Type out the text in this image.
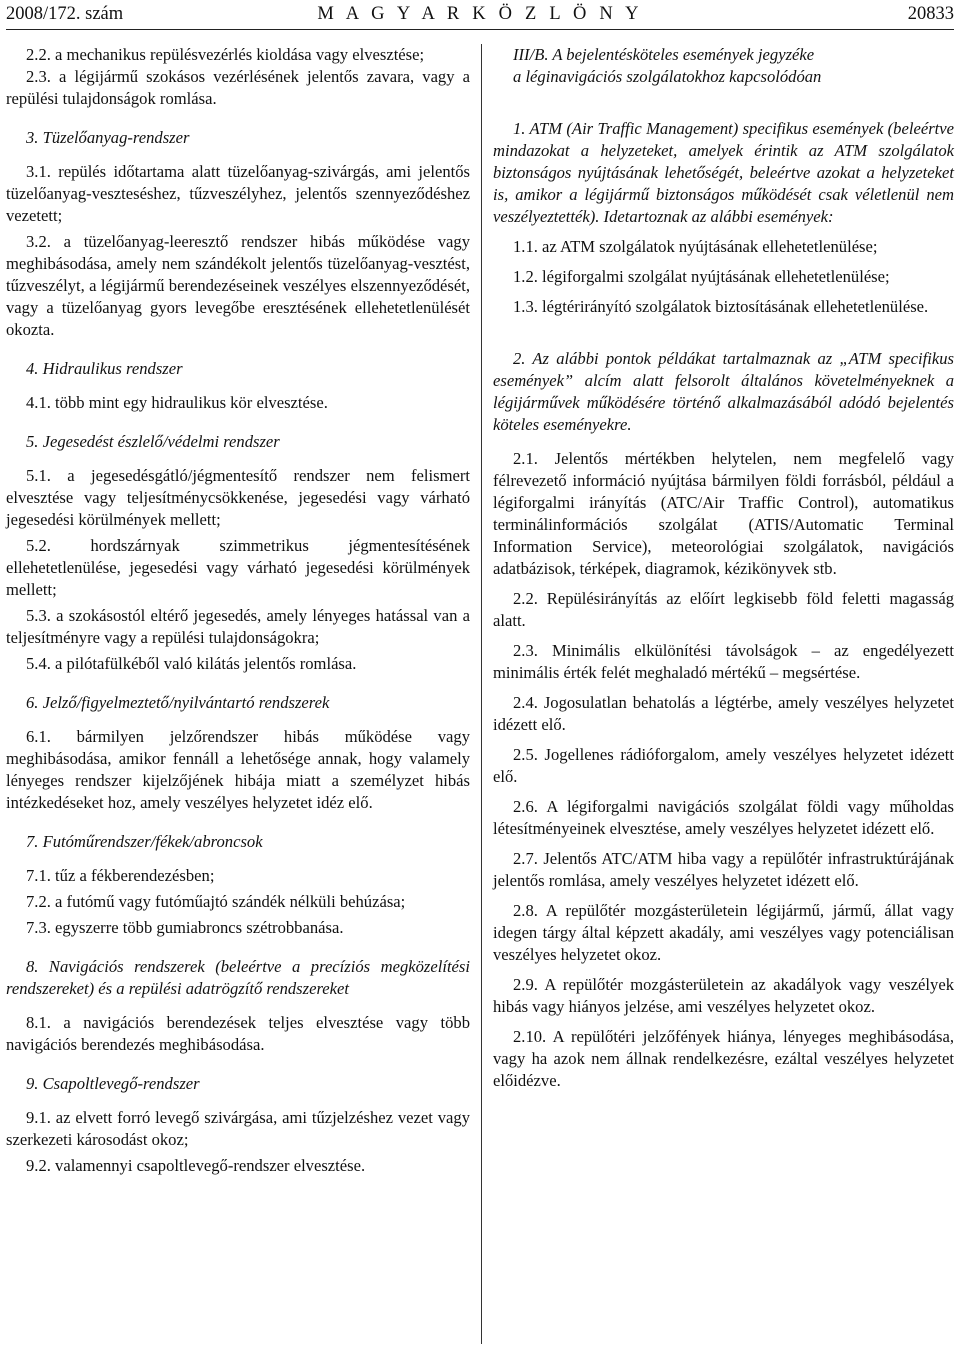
2008/172. szám	M A G Y A R K Ö Z L Ö N Y	20833

2.2. a mechanikus repülésvezérlés kioldása vagy elvesztése;

2.3. a légijármű szokásos vezérlésének jelentős zavara, vagy a repülési tulajdonságok romlása.

3. Tüzelőanyag-rendszer

3.1. repülés időtartama alatt tüzelőanyag-szivárgás, ami jelentős tüzelőanyag-veszteséshez, tűzveszélyhez, jelentős szennyeződéshez vezetett;

3.2. a tüzelőanyag-leeresztő rendszer hibás működése vagy meghibásodása, amely nem szándékolt jelentős tüzelőanyag-vesztést, tűzveszélyt, a légijármű berendezéseinek veszélyes elszennyeződését, vagy a tüzelőanyag gyors levegőbe eresztésének ellehetetlenülését okozta.

4. Hidraulikus rendszer

4.1. több mint egy hidraulikus kör elvesztése.

5. Jegesedést észlelő/védelmi rendszer

5.1. a jegesedésgátló/jégmentesítő rendszer nem felismert elvesztése vagy teljesítménycsökkenése, jegesedési vagy várható jegesedési körülmények mellett;

5.2. hordszárnyak szimmetrikus jégmentesítésének ellehetetlenülése, jegesedési vagy várható jegesedési körülmények mellett;

5.3. a szokásostól eltérő jegesedés, amely lényeges hatással van a teljesítményre vagy a repülési tulajdonságokra;

5.4. a pilótafülkéből való kilátás jelentős romlása.

6. Jelző/figyelmeztető/nyilvántartó rendszerek

6.1. bármilyen jelzőrendszer hibás működése vagy meghibásodása, amikor fennáll a lehetősége annak, hogy valamely lényeges rendszer kijelzőjének hibája miatt a személyzet hibás intézkedéseket hoz, amely veszélyes helyzetet idéz elő.

7. Futóműrendszer/fékek/abroncsok

7.1. tűz a fékberendezésben;

7.2. a futómű vagy futóműajtó szándék nélküli behúzása;

7.3. egyszerre több gumiabroncs szétrobbanása.

8. Navigációs rendszerek (beleértve a precíziós megközelítési rendszereket) és a repülési adatrögzítő rendszereket

8.1. a navigációs berendezések teljes elvesztése vagy több navigációs berendezés meghibásodása.

9. Csapoltlevegő-rendszer

9.1. az elvett forró levegő szivárgása, ami tűzjelzéshez vezet vagy szerkezeti károsodást okoz;

9.2. valamennyi csapoltlevegő-rendszer elvesztése.

III/B. A bejelentésköteles események jegyzéke

a léginavigációs szolgálatokhoz kapcsolódóan

1. ATM (Air Traffic Management) specifikus események (beleértve mindazokat a helyzeteket, amelyek érintik az ATM szolgálatok biztonságos nyújtásának lehetőségét, beleértve azokat a helyzeteket is, amikor a légijármű biztonságos működését csak véletlenül nem veszélyeztették). Idetartoznak az alábbi események:

1.1. az ATM szolgálatok nyújtásának ellehetetlenülése;

1.2. légiforgalmi szolgálat nyújtásának ellehetetlenülése;

1.3. légtérirányító szolgálatok biztosításának ellehetetlenülése.

2. Az alábbi pontok példákat tartalmaznak az „ATM specifikus események” alcím alatt felsorolt általános követelményeknek a légijárművek működésére történő alkalmazásából adódó bejelentés köteles eseményekre.

2.1. Jelentős mértékben helytelen, nem megfelelő vagy félrevezető információ nyújtása bármilyen földi forrásból, például a légiforgalmi irányítás (ATC/Air Traffic Control), automatikus terminálinformációs szolgálat (ATIS/Automatic Terminal Information Service), meteorológiai szolgálatok, navigációs adatbázisok, térképek, diagramok, kézikönyvek stb.

2.2. Repülésirányítás az előírt legkisebb föld feletti magasság alatt.

2.3. Minimális elkülönítési távolságok – az engedélyezett minimális érték felét meghaladó mértékű – megsértése.

2.4. Jogosulatlan behatolás a légtérbe, amely veszélyes helyzetet idézett elő.

2.5. Jogellenes rádióforgalom, amely veszélyes helyzetet idézett elő.

2.6. A légiforgalmi navigációs szolgálat földi vagy műholdas létesítményeinek elvesztése, amely veszélyes helyzetet idézett elő.

2.7. Jelentős ATC/ATM hiba vagy a repülőtér infrastruktúrájának jelentős romlása, amely veszélyes helyzetet idézett elő.

2.8. A repülőtér mozgásterületein légijármű, jármű, állat vagy idegen tárgy által képzett akadály, ami veszélyes vagy potenciálisan veszélyes helyzetet okoz.

2.9. A repülőtér mozgásterületein az akadályok vagy veszélyek hibás vagy hiányos jelzése, ami veszélyes helyzetet okoz.

2.10. A repülőtéri jelzőfények hiánya, lényeges meghibásodása, vagy ha azok nem állnak rendelkezésre, ezáltal veszélyes helyzetet előidézve.
